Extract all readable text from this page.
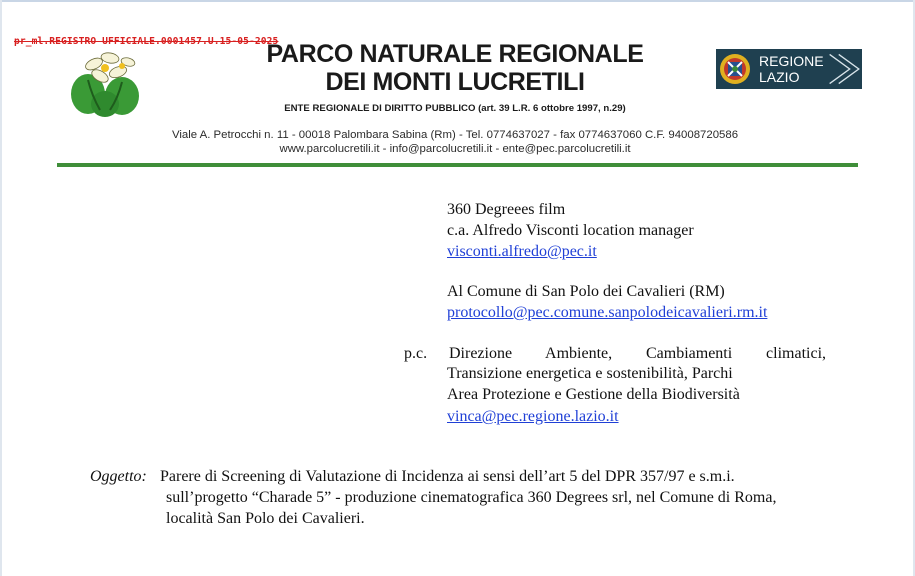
pr_ml.REGISTRO UFFICIALE.0001457.U.15-05-2025
PARCO NATURALE REGIONALE
DEI MONTI LUCRETILI
ENTE REGIONALE DI DIRITTO PUBBLICO (art. 39 L.R. 6 ottobre 1997, n.29)
REGIONE
LAZIO
Viale A. Petrocchi n. 11 - 00018 Palombara Sabina (Rm) - Tel. 0774637027 - fax 0774637060 C.F. 94008720586
www.parcolucretili.it - info@parcolucretili.it - ente@pec.parcolucretili.it
360 Degreees film
c.a. Alfredo Visconti location manager
visconti.alfredo@pec.it
Al Comune di San Polo dei Cavalieri (RM)
protocollo@pec.comune.sanpolodeicavalieri.rm.it
p.c. Direzione Ambiente, Cambiamenti climatici,
Transizione energetica e sostenibilità, Parchi
Area Protezione e Gestione della Biodiversità
vinca@pec.regione.lazio.it
Oggetto: Parere di Screening di Valutazione di Incidenza ai sensi dell’art 5 del DPR 357/97 e s.m.i.
sull’progetto “Charade 5” - produzione cinematografica 360 Degrees srl, nel Comune di Roma,
località San Polo dei Cavalieri.
